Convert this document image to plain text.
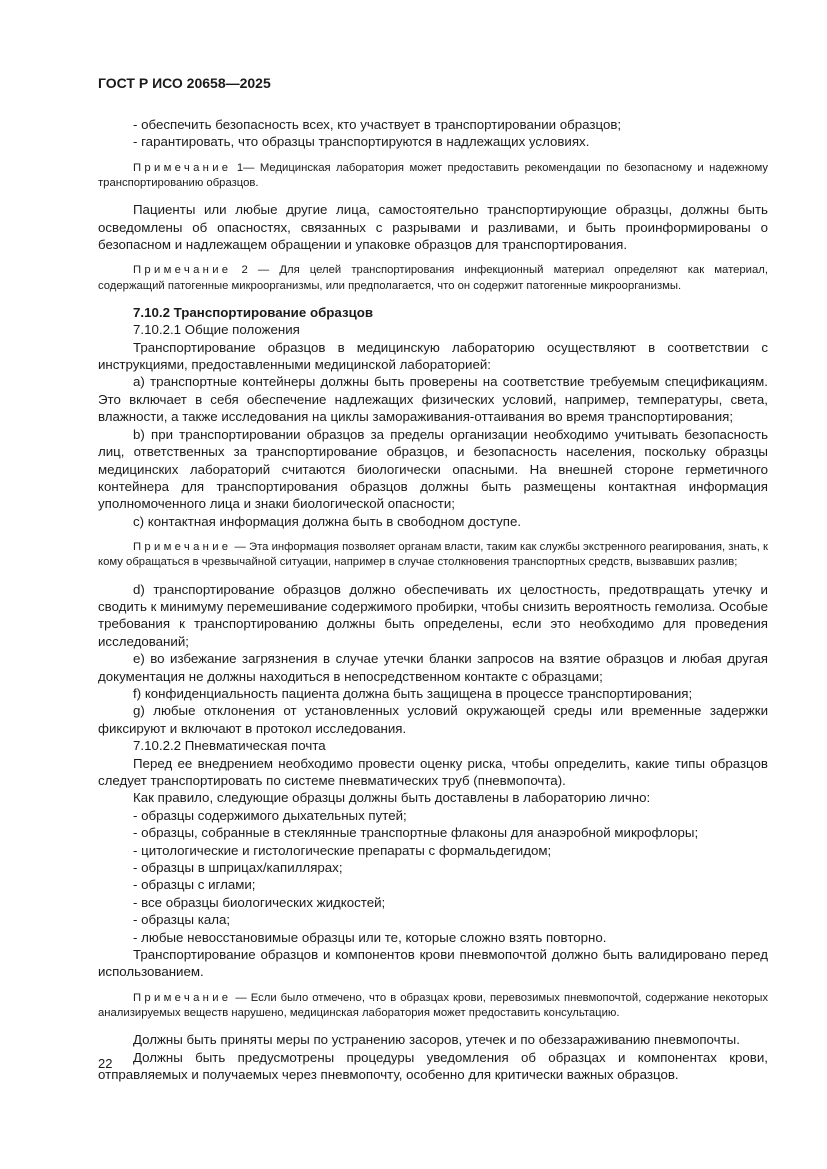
ГОСТ Р ИСО 20658—2025

- обеспечить безопасность всех, кто участвует в транспортировании образцов;

- гарантировать, что образцы транспортируются в надлежащих условиях.

Примечание 1— Медицинская лаборатория может предоставить рекомендации по безопасному и надежному транспортированию образцов.

Пациенты или любые другие лица, самостоятельно транспортирующие образцы, должны быть осведомлены об опасностях, связанных с разрывами и разливами, и быть проинформированы о безопасном и надлежащем обращении и упаковке образцов для транспортирования.

Примечание 2 — Для целей транспортирования инфекционный материал определяют как материал, содержащий патогенные микроорганизмы, или предполагается, что он содержит патогенные микроорганизмы.

7.10.2 Транспортирование образцов

7.10.2.1 Общие положения

Транспортирование образцов в медицинскую лабораторию осуществляют в соответствии с инструкциями, предоставленными медицинской лабораторией:

а) транспортные контейнеры должны быть проверены на соответствие требуемым спецификациям. Это включает в себя обеспечение надлежащих физических условий, например, температуры, света, влажности, а также исследования на циклы замораживания-оттаивания во время транспортирования;

b) при транспортировании образцов за пределы организации необходимо учитывать безопасность лиц, ответственных за транспортирование образцов, и безопасность населения, поскольку образцы медицинских лабораторий считаются биологически опасными. На внешней стороне герметичного контейнера для транспортирования образцов должны быть размещены контактная информация уполномоченного лица и знаки биологической опасности;

c) контактная информация должна быть в свободном доступе.

Примечание — Эта информация позволяет органам власти, таким как службы экстренного реагирования, знать, к кому обращаться в чрезвычайной ситуации, например в случае столкновения транспортных средств, вызвавших разлив;

d) транспортирование образцов должно обеспечивать их целостность, предотвращать утечку и сводить к минимуму перемешивание содержимого пробирки, чтобы снизить вероятность гемолиза. Особые требования к транспортированию должны быть определены, если это необходимо для проведения исследований;

e) во избежание загрязнения в случае утечки бланки запросов на взятие образцов и любая другая документация не должны находиться в непосредственном контакте с образцами;

f) конфиденциальность пациента должна быть защищена в процессе транспортирования;

g) любые отклонения от установленных условий окружающей среды или временные задержки фиксируют и включают в протокол исследования.

7.10.2.2 Пневматическая почта

Перед ее внедрением необходимо провести оценку риска, чтобы определить, какие типы образцов следует транспортировать по системе пневматических труб (пневмопочта).

Как правило, следующие образцы должны быть доставлены в лабораторию лично:

- образцы содержимого дыхательных путей;

- образцы, собранные в стеклянные транспортные флаконы для анаэробной микрофлоры;

- цитологические и гистологические препараты с формальдегидом;

- образцы в шприцах/капиллярах;

- образцы с иглами;

- все образцы биологических жидкостей;

- образцы кала;

- любые невосстановимые образцы или те, которые сложно взять повторно.

Транспортирование образцов и компонентов крови пневмопочтой должно быть валидировано перед использованием.

Примечание — Если было отмечено, что в образцах крови, перевозимых пневмопочтой, содержание некоторых анализируемых веществ нарушено, медицинская лаборатория может предоставить консультацию.

Должны быть приняты меры по устранению засоров, утечек и по обеззараживанию пневмопочты.

Должны быть предусмотрены процедуры уведомления об образцах и компонентах крови, отправляемых и получаемых через пневмопочту, особенно для критически важных образцов.

22
